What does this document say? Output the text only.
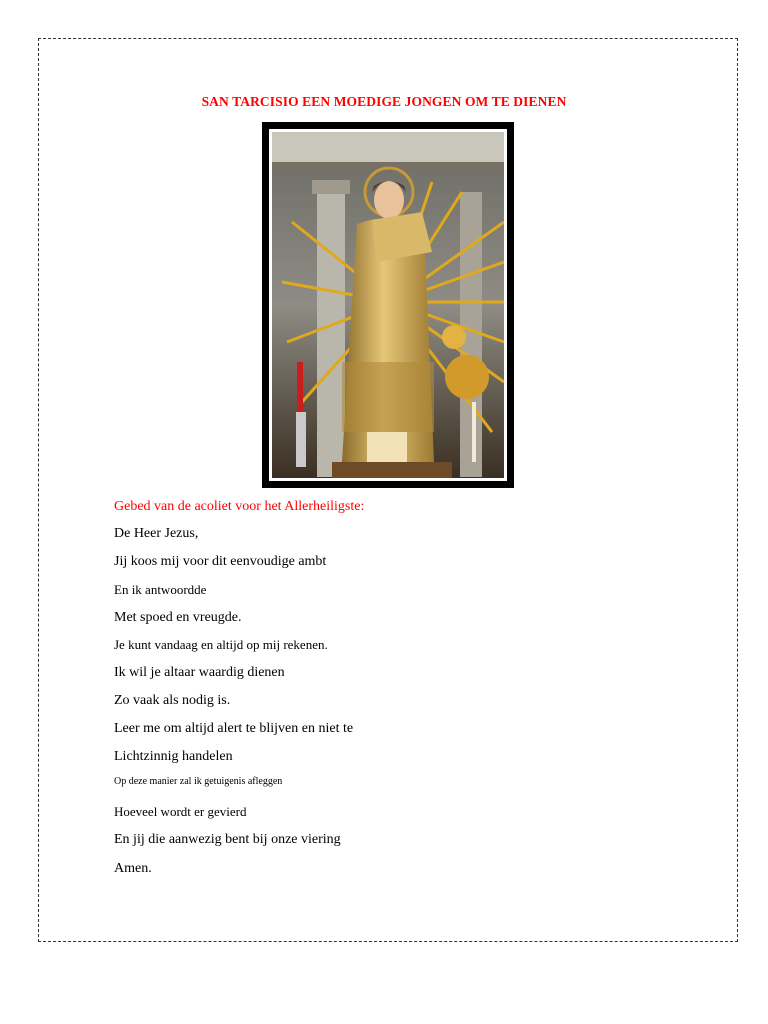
SAN TARCISIO EEN MOEDIGE JONGEN OM TE DIENEN
Gebed van de acoliet voor het Allerheiligste:
De Heer Jezus,
Jij koos mij voor dit eenvoudige ambt
En ik antwoordde
Met spoed en vreugde.
Je kunt vandaag en altijd op mij rekenen.
Ik wil je altaar waardig dienen
Zo vaak als nodig is.
Leer me om altijd alert te blijven en niet te
Lichtzinnig handelen
Op deze manier zal ik getuigenis afleggen
Hoeveel wordt er gevierd
En jij die aanwezig bent bij onze viering
Amen.
